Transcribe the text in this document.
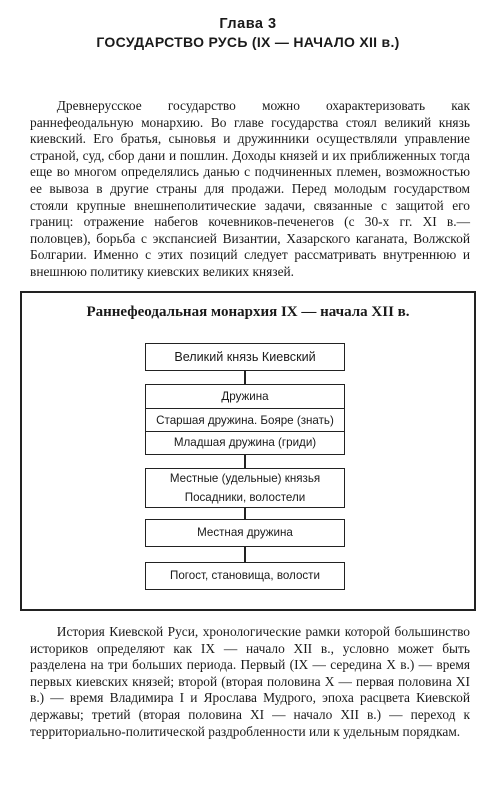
Глава 3
ГОСУДАРСТВО РУСЬ (IX — НАЧАЛО XII в.)
Древнерусское государство можно охарактеризовать как раннефеодальную монархию. Во главе государства стоял великий князь киевский. Его братья, сыновья и дружинники осуществляли управление страной, суд, сбор дани и пошлин. Доходы князей и их приближенных тогда еще во многом определялись данью с подчиненных племен, возможностью ее вывоза в другие страны для продажи. Перед молодым государством стояли крупные внешнеполитические задачи, связанные с защитой его границ: отражение набегов кочевников-печенегов (с 30-х гг. XI в.— половцев), борьба с экспансией Византии, Хазарского каганата, Волжской Болгарии. Именно с этих позиций следует рассматривать внутреннюю и внешнюю политику киевских великих князей.
Раннефеодальная монархия IX — начала XII в.
Великий князь Киевский
Дружина
Старшая дружина. Бояре (знать)
Младшая дружина (гриди)
Местные (удельные) князья
Посадники, волостели
Местная дружина
Погост, становища, волости
История Киевской Руси, хронологические рамки которой большинство историков определяют как IX — начало XII в., условно может быть разделена на три больших периода. Первый (IX — середина X в.) — время первых киевских князей; второй (вторая половина X — первая половина XI в.) — время Владимира I и Ярослава Мудрого, эпоха расцвета Киевской державы; третий (вторая половина XI — начало XII в.) — переход к территориально-политической раздробленности или к удельным порядкам.
